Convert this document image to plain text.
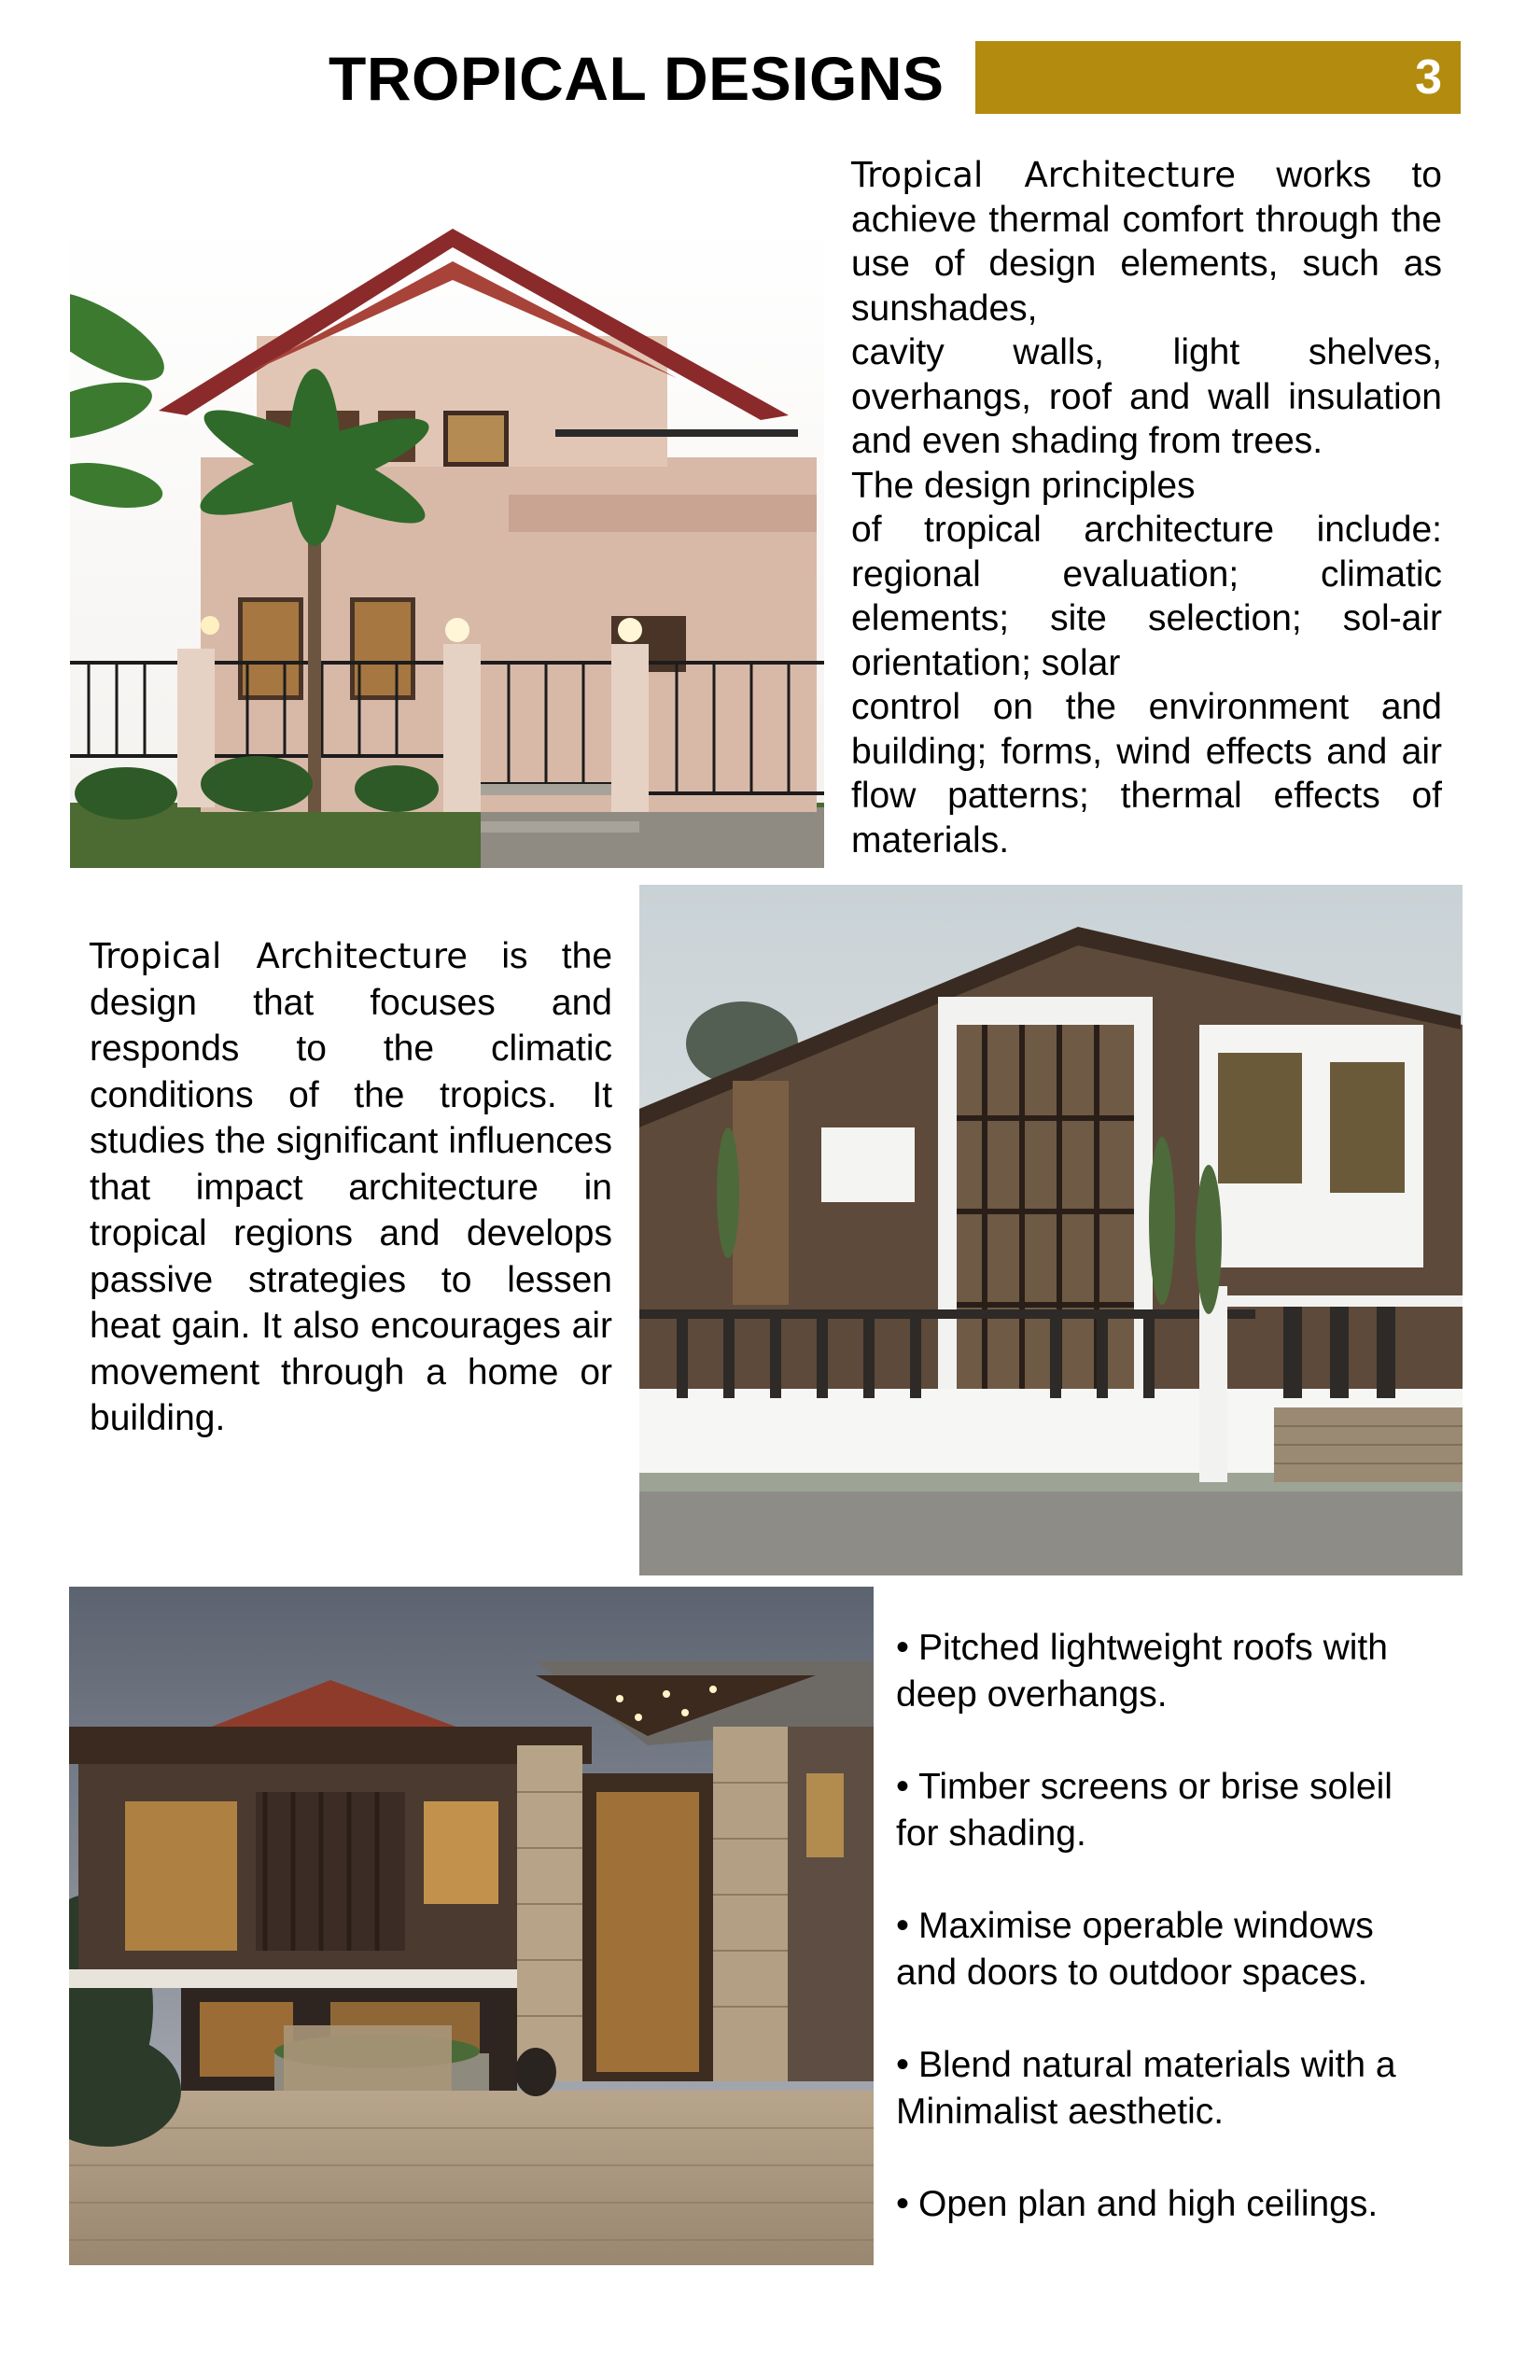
TROPICAL DESIGNS	3
Tropical Architecture works to achieve thermal comfort through the use of design elements, such as sunshades,
cavity walls, light shelves, overhangs, roof and wall insulation and even shading from trees.
The design principles
of tropical architecture include: regional evaluation; climatic elements; site selection; sol-air orientation; solar
control on the environment and building; forms, wind effects and air flow patterns; thermal effects of materials.
Tropical Architecture is the design that focuses and responds to the climatic conditions of the tropics. It studies the significant influences that impact architecture in tropical regions and develops passive strategies to lessen heat gain. It also encourages air movement through a home or building.
• Pitched lightweight roofs with deep overhangs.
• Timber screens or brise soleil for shading.
• Maximise operable windows and doors to outdoor spaces.
• Blend natural materials with a Minimalist aesthetic.
• Open plan and high ceilings.
